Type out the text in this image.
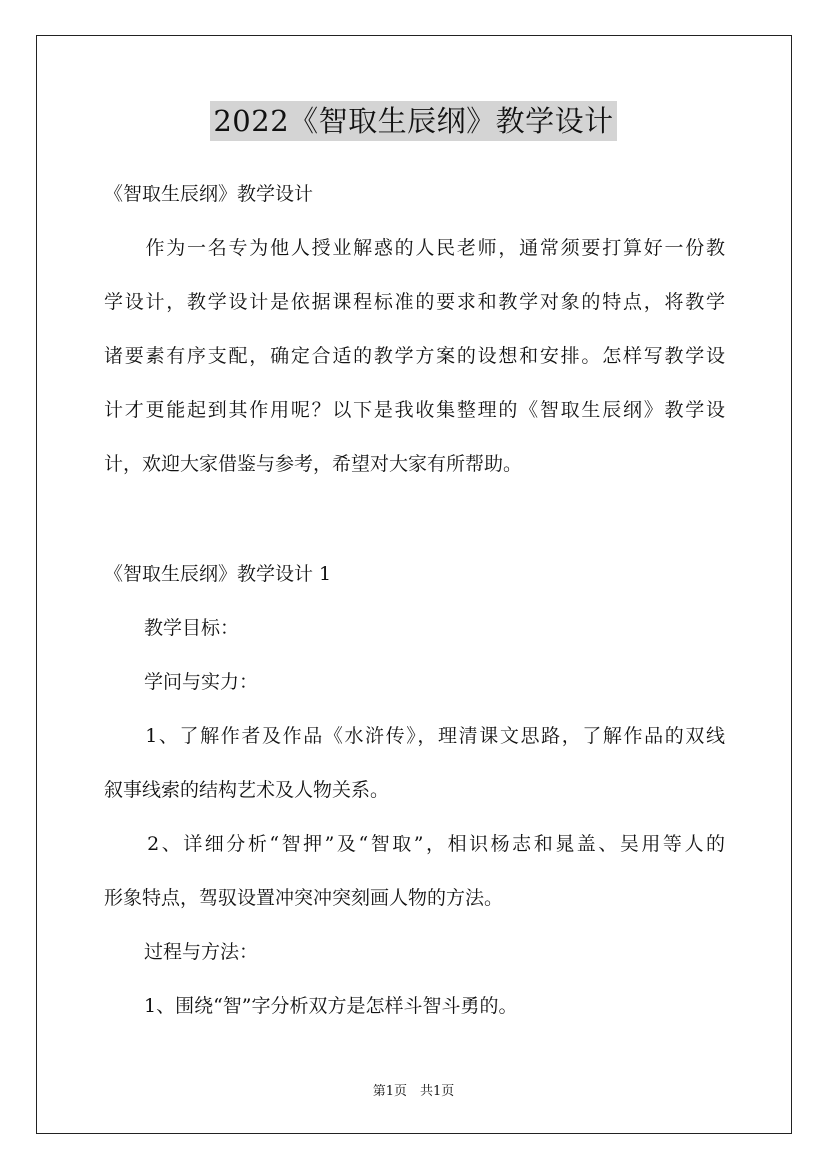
2022《智取生辰纲》教学设计
《智取生辰纲》教学设计
　　作为一名专为他人授业解惑的人民老师，通常须要打算好一份教
学设计，教学设计是依据课程标准的要求和教学对象的特点，将教学
诸要素有序支配，确定合适的教学方案的设想和安排。怎样写教学设
计才更能起到其作用呢？以下是我收集整理的《智取生辰纲》教学设
计，欢迎大家借鉴与参考，希望对大家有所帮助。
《智取生辰纲》教学设计 1
教学目标：
学问与实力：
　　1、了解作者及作品《水浒传》，理清课文思路，了解作品的双线
叙事线索的结构艺术及人物关系。
　　2、详细分析“智押”及“智取”，相识杨志和晁盖、吴用等人的
形象特点，驾驭设置冲突冲突刻画人物的方法。
过程与方法：
1、围绕“智”字分析双方是怎样斗智斗勇的。
第1页　共1页
